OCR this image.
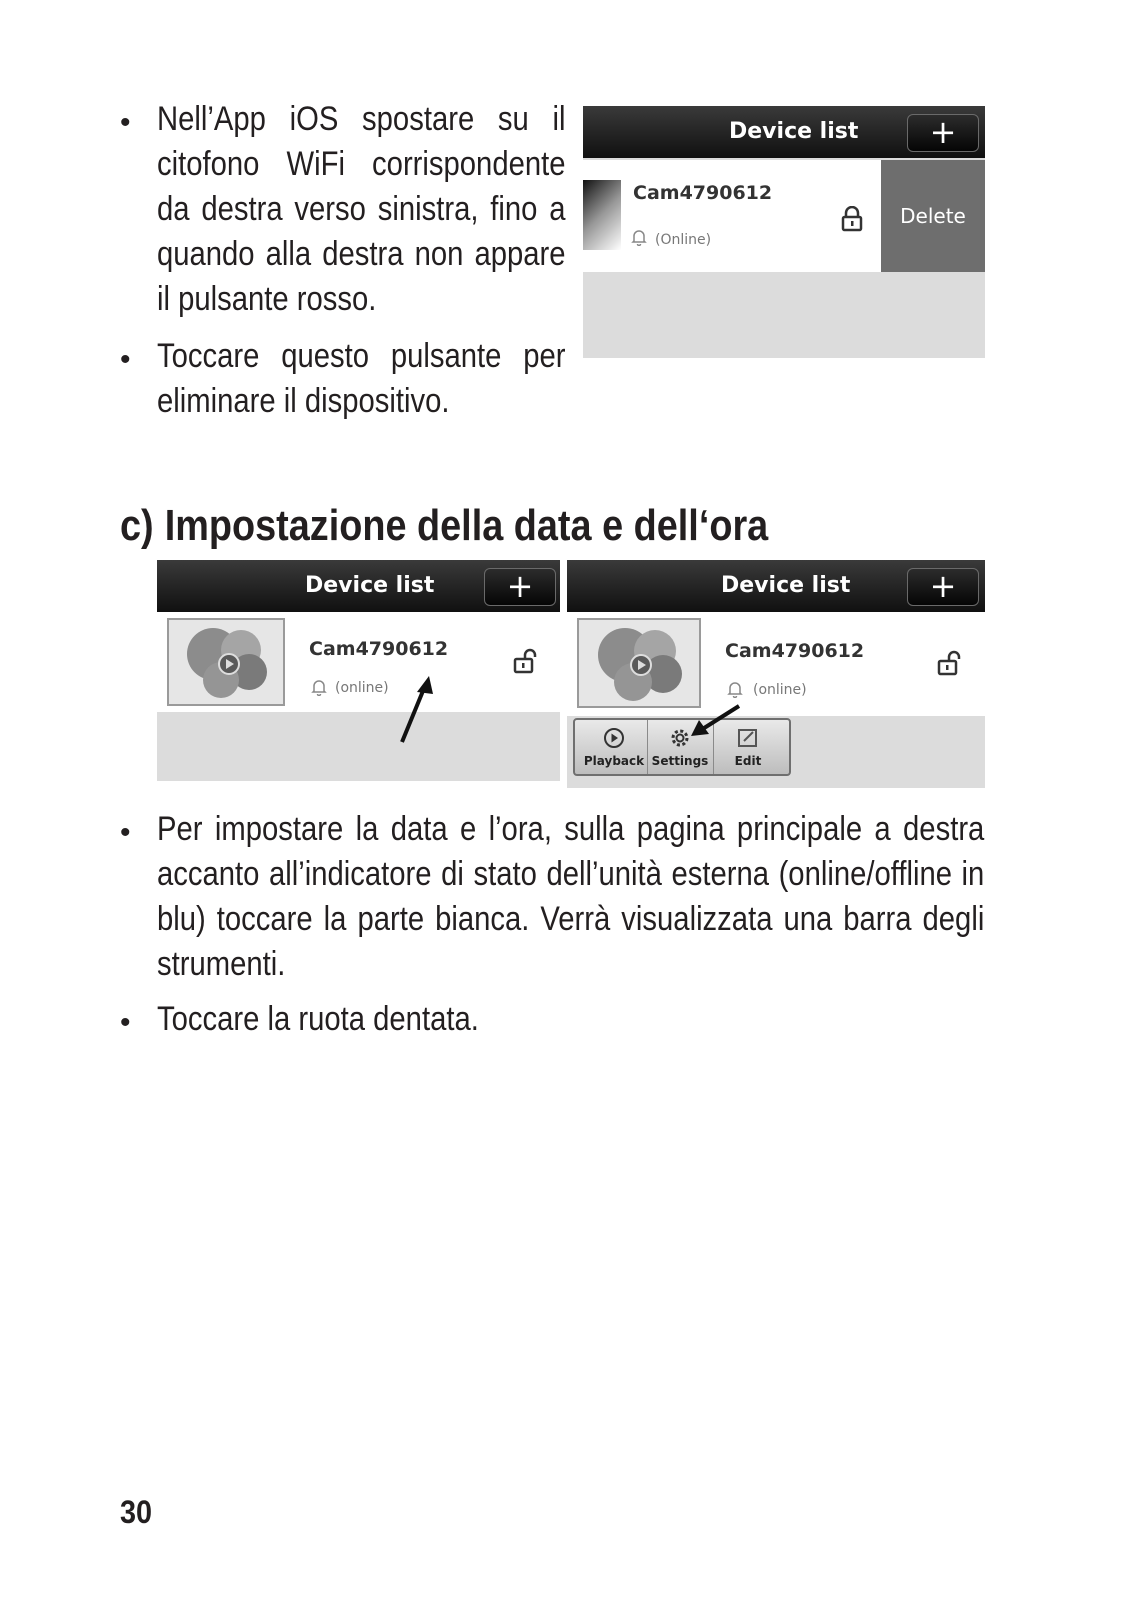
• Nell’App iOS spostare su il citofono WiFi corrispondente da destra verso sinistra, fino a quando alla destra non appare il pulsante rosso.
• Toccare questo pulsante per eliminare il dispositivo.
Device list	+
Cam4790612
(Online)
Delete
c) Impostazione della data e dell‘ora
Device list	+
Cam4790612
(online)
Device list	+
Cam4790612
(online)
Playback Settings	Edit
• Per impostare la data e l’ora, sulla pagina principale a destra accanto all’indicatore di stato dell’unità esterna (online/offline in blu) toccare la parte bianca. Verrà visualizzata una barra degli strumenti.
• Toccare la ruota dentata.
30
